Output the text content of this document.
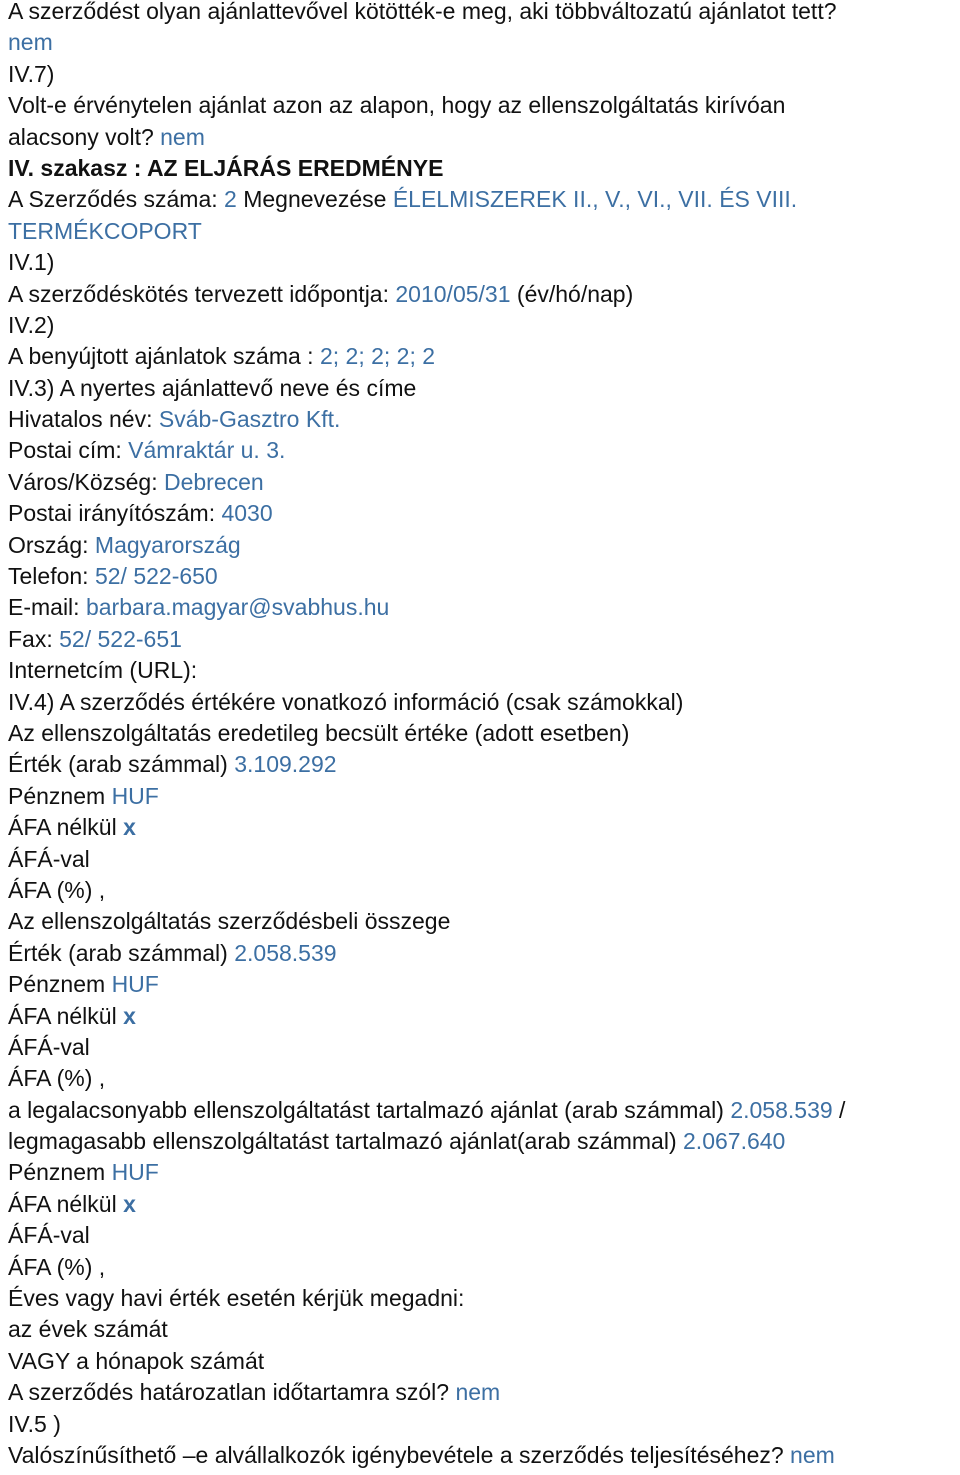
A szerződést olyan ajánlattevővel kötötték-e meg, aki többváltozatú ajánlatot tett?
nem
IV.7)
Volt-e érvénytelen ajánlat azon az alapon, hogy az ellenszolgáltatás kirívóan
alacsony volt? nem
IV. szakasz : AZ ELJÁRÁS EREDMÉNYE
A Szerződés száma: 2 Megnevezése ÉLELMISZEREK II., V., VI., VII. ÉS VIII.
TERMÉKCOPORT
IV.1)
A szerződéskötés tervezett időpontja: 2010/05/31 (év/hó/nap)
IV.2)
A benyújtott ajánlatok száma : 2; 2; 2; 2; 2
IV.3) A nyertes ajánlattevő neve és címe
Hivatalos név: Sváb-Gasztro Kft.
Postai cím: Vámraktár u. 3.
Város/Község: Debrecen
Postai irányítószám: 4030
Ország: Magyarország
Telefon: 52/ 522-650
E-mail: barbara.magyar@svabhus.hu
Fax: 52/ 522-651
Internetcím (URL):
IV.4) A szerződés értékére vonatkozó információ (csak számokkal)
Az ellenszolgáltatás eredetileg becsült értéke (adott esetben)
Érték (arab számmal) 3.109.292
Pénznem HUF
ÁFA nélkül x
ÁFÁ-val
ÁFA (%) ,
Az ellenszolgáltatás szerződésbeli összege
Érték (arab számmal) 2.058.539
Pénznem HUF
ÁFA nélkül x
ÁFÁ-val
ÁFA (%) ,
a legalacsonyabb ellenszolgáltatást tartalmazó ajánlat (arab számmal) 2.058.539 /
legmagasabb ellenszolgáltatást tartalmazó ajánlat(arab számmal) 2.067.640
Pénznem HUF
ÁFA nélkül x
ÁFÁ-val
ÁFA (%) ,
Éves vagy havi érték esetén kérjük megadni:
az évek számát
VAGY a hónapok számát
A szerződés határozatlan időtartamra szól? nem
IV.5 )
Valószínűsíthető –e alvállalkozók igénybevétele a szerződés teljesítéséhez? nem
